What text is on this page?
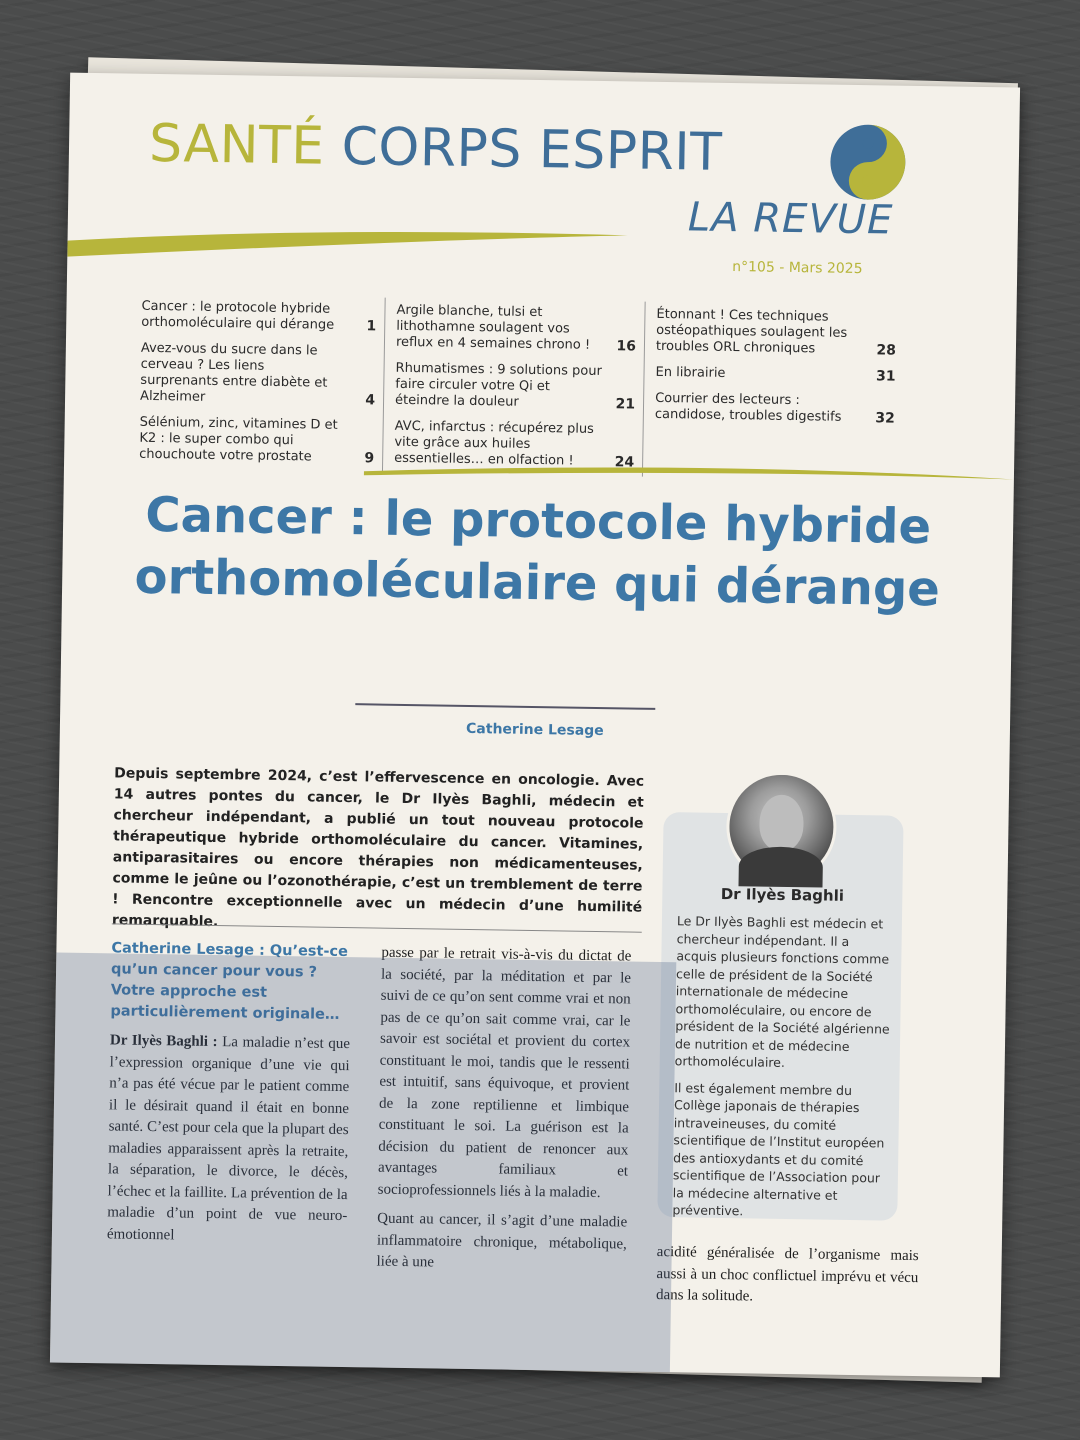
SANTÉ CORPS ESPRIT
LA REVUE
n°105 - Mars 2025
Cancer : le protocole hybride orthomoléculaire qui dérange 1
Avez-vous du sucre dans le cerveau ? Les liens surprenants entre diabète et Alzheimer	4
Sélénium, zinc, vitamines D et K2 : le super combo qui chouchoute votre prostate	9
Argile blanche, tulsi et lithothamne soulagent vos reflux en 4 semaines chrono ! 16
Rhumatismes : 9 solutions pour faire circuler votre Qi et éteindre la douleur	21
AVC, infarctus : récupérez plus vite grâce aux huiles essentielles… en olfaction !	24
Étonnant ! Ces techniques ostéopathiques soulagent les troubles ORL chroniques	28
En librairie	31
Courrier des lecteurs : candidose, troubles digestifs 32
Cancer : le protocole hybride orthomoléculaire qui dérange
Catherine Lesage
Depuis septembre 2024, c’est l’effervescence en oncologie. Avec 14 autres pontes du cancer, le Dr Ilyès Baghli, médecin et chercheur indépendant, a publié un tout nouveau protocole thérapeutique hybride orthomoléculaire du cancer. Vitamines, antiparasitaires ou encore thérapies non médicamenteuses, comme le jeûne ou l’ozonothérapie, c’est un tremblement de terre ! Rencontre exceptionnelle avec un médecin d’une humilité remarquable.
Dr Ilyès Baghli

Le Dr Ilyès Baghli est médecin et chercheur indépendant. Il a acquis plusieurs fonctions comme celle de président de la Société internationale de médecine orthomoléculaire, ou encore de président de la Société algérienne de nutrition et de médecine orthomoléculaire.

Il est également membre du Collège japonais de thérapies intraveineuses, du comité scientifique de l’Institut européen des antioxydants et du comité scientifique de l’Association pour la médecine alternative et préventive.

Catherine Lesage : Qu’est-ce qu’un cancer pour vous ? Votre approche est particulièrement originale…

Dr Ilyès Baghli : La maladie n’est que l’expression organique d’une vie qui n’a pas été vécue par le patient comme il le désirait quand il était en bonne santé. C’est pour cela que la plupart des maladies apparaissent après la retraite, la séparation, le divorce, le décès, l’échec et la faillite. La prévention de la maladie d’un point de vue neuro-émotionnel

passe par le retrait vis-à-vis du dictat de la société, par la méditation et par le suivi de ce qu’on sent comme vrai et non pas de ce qu’on sait comme vrai, car le savoir est sociétal et provient du cortex constituant le moi, tandis que le ressenti est intuitif, sans équivoque, et provient de la zone reptilienne et limbique constituant le soi. La guérison est la décision du patient de renoncer aux avantages familiaux et socioprofessionnels liés à la maladie.

Quant au cancer, il s’agit d’une maladie inflammatoire chronique, métabolique, liée à une	acidité généralisée de l’organisme mais aussi à un choc conflictuel imprévu et vécu dans la solitude.
